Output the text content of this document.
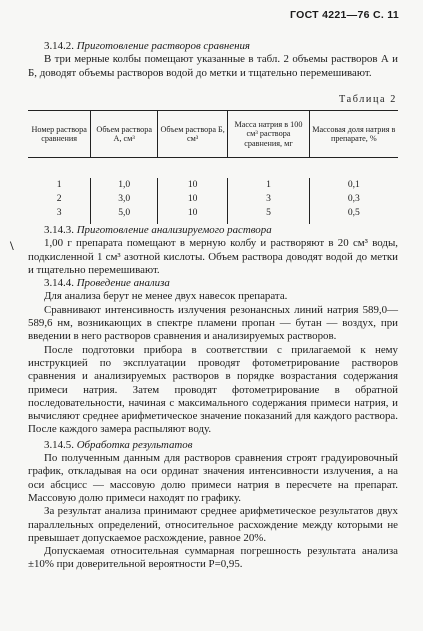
ГОСТ 4221—76 С. 11
3.14.2. Приготовление растворов сравнения

В три мерные колбы помещают указанные в табл. 2 объемы растворов А и Б, доводят объемы растворов водой до метки и тщательно перемешивают.

Таблица 2
Номер раствора сравнения	Объем раствора А, см³	Объем раствора Б, см³	Масса натрия в 100 см³ раствора сравнения, мг	Массовая доля натрия в препарате, %

1	1,0	10	1	0,1
2	3,0	10	3	0,3
3	5,0	10	5	0,5
\
3.14.3. Приготовление анализируемого раствора

1,00 г препарата помещают в мерную колбу и растворяют в 20 см³ воды, подкисленной 1 см³ азотной кислоты. Объем раствора доводят водой до метки и тщательно перемешивают.

3.14.4. Проведение анализа

Для анализа берут не менее двух навесок препарата.

Сравнивают интенсивность излучения резонансных линий натрия 589,0—589,6 нм, возникающих в спектре пламени пропан — бутан — воздух, при введении в него растворов сравнения и анализируемых растворов.

После подготовки прибора в соответствии с прилагаемой к нему инструкцией по эксплуатации проводят фотометрирование растворов сравнения и анализируемых растворов в порядке возрастания содержания примеси натрия. Затем проводят фотометрирование в обратной последовательности, начиная с максимального содержания примеси натрия, и вычисляют среднее арифметическое значение показаний для каждого раствора. После каждого замера распыляют воду.

3.14.5. Обработка результатов

По полученным данным для растворов сравнения строят градуировочный график, откладывая на оси ординат значения интенсивности излучения, а на оси абсцисс — массовую долю примеси натрия в пересчете на препарат. Массовую долю примеси находят по графику.

За результат анализа принимают среднее арифметическое результатов двух параллельных определений, относительное расхождение между которыми не превышает допускаемое расхождение, равное 20%.

Допускаемая относительная суммарная погрешность результата анализа ±10% при доверительной вероятности P=0,95.
